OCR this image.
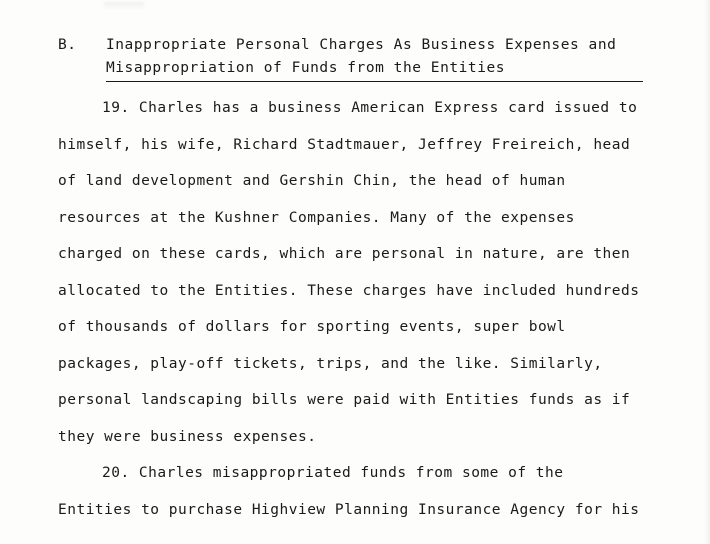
B.	Inappropriate Personal Charges As Business Expenses and
Misappropriation of Funds from the Entities
19. Charles has a business American Express card issued to
himself, his wife, Richard Stadtmauer, Jeffrey Freireich, head
of land development and Gershin Chin, the head of human
resources at the Kushner Companies. Many of the expenses
charged on these cards, which are personal in nature, are then
allocated to the Entities. These charges have included hundreds
of thousands of dollars for sporting events, super bowl
packages, play-off tickets, trips, and the like. Similarly,
personal landscaping bills were paid with Entities funds as if
they were business expenses.
20. Charles misappropriated funds from some of the
Entities to purchase Highview Planning Insurance Agency for his
